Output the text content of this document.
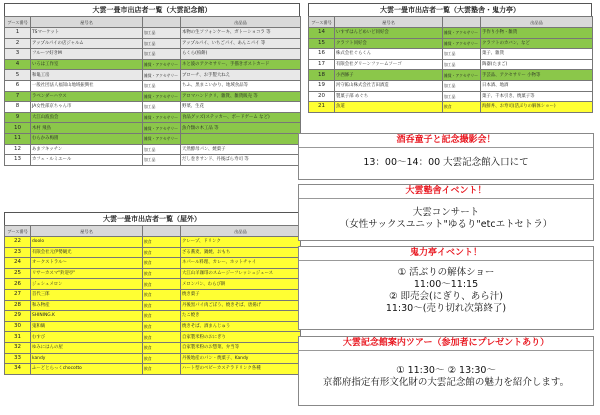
大雲一畳市出店者一覧（大雲記念館）
ブース番号	屋号名		出品品
1	TSマーケット	加工品	本物の生ソフォンケーキ、ガトーショコラ 等
2	アップルパイの店ジャルム	加工品	アップルパイ、いちごパイ、あんこパイ 等
3	フルーツ好きM	加工品	らくら(柏餅)
4	いろは工作室	雑貨・アクセサリー	ネと波のアクセサリー、手描きポストカード
5	和亀工房	雑貨・アクセサリー	ブローチ、お手製大ねえ
6	一般社団法人福知山地域振興社	加工品	ちふ、黒まこいかり、地域食品等
7	ラベンダーハウス	雑貨・アクセサリー	アロマハンドクリ、雑貨、雑貨販売 等
8	JA女性部京ちゃん市	加工品	野菜、生花
9	大江山波魚会	雑貨・アクセサリー	食品グッズ(ステッカー、ボードゲーム など)
10	木村 飛鳥	雑貨・アクセサリー	魚介類の木工品 等
11	むらかみ梅園	雑貨・アクセサリー	
12	あまフキッチン	加工品	天然酵母パン、焼菓子
13	カフェ・ルミエール	加工品	だし巻きサンド、丹後ばら寿司 等
大雲一畳市出店者一覧（大雲塾舎・鬼力亭）
ブース番号	屋号名		出品品
14	いすずはんどめいど同好会	雑貨・アクセサリー	手作り小物・雑貨
15	クラフト同好会	雑貨・アクセサリー	クラフトのカバン、など
16	株式会社ぐらくん	加工品	菓子、雑貨
17	有限会社グリーンファームソーゴ	加工品	陶器(たまご)
18	小西修子	雑貨・アクセサリー	手芸品、アクセサリー 小物等
19	河守鉱山株式会社吉田酒造	加工品	日本酒、地酒
20	製菓子部 めぐち	加工品	菓子、千本引き、焼菓子等
21	魚道	飲食	海鮮丼、お寿司(活ぶりの解体ショー)
大雲一畳市出店者一覧（屋外）
ブース番号	屋号名		出品品
22	doolo	飲食	クレープ、ドリンク
23	有限会社元伊勢観光	飲食	ざる蕎麦、鍋焼、おもち
24	オークストラル〜	飲食	ネパール料理、カレー、ホットチャイ
25	リサーカスマ"鈴迎亭"	飲食	大江山羊珈琲のスムージーフレッシュジュース
26	ジュシュメロン	飲食	メロンパン、わらび餅
27	首代三郎	飲食	焼き菓子
28	和み物産	飲食	丹後黒パイ肉ごぼう、焼きそば、唐揚げ
29	SHINING.K	飲食	たこ焼き
30	鬼和鶴	飲食	焼きそば、酒まんじゅう
31	むすび	飲食	自家製米粉のおにぎり
32	ゆみにはんの屋	飲食	自家製米粉のお惣菜、弁当等
33	kandy	飲食	丹後地産のパン・焼菓子、Kandy
34	ふーどとらっくchocotto	飲食	ハート型のベビーカステラドリンク各種
酒呑童子と記念撮影会！
13：00～14：00 大雲記念館入口にて
大雲塾舎イベント！
大雲コンサート
（女性サックスユニット"ゆるり"etcエトセトラ）
鬼力亭イベント！
① 活ぶりの解体ショー
11:00～11:15
② 即売会(にぎり、あら汁)
11:30～(売り切れ次第終了)
大雲記念館案内ツアー（参加者にプレゼントあり）
① 11:30～ ② 13:30～
京都府指定有形文化財の大雲記念館の魅力を紹介します。
